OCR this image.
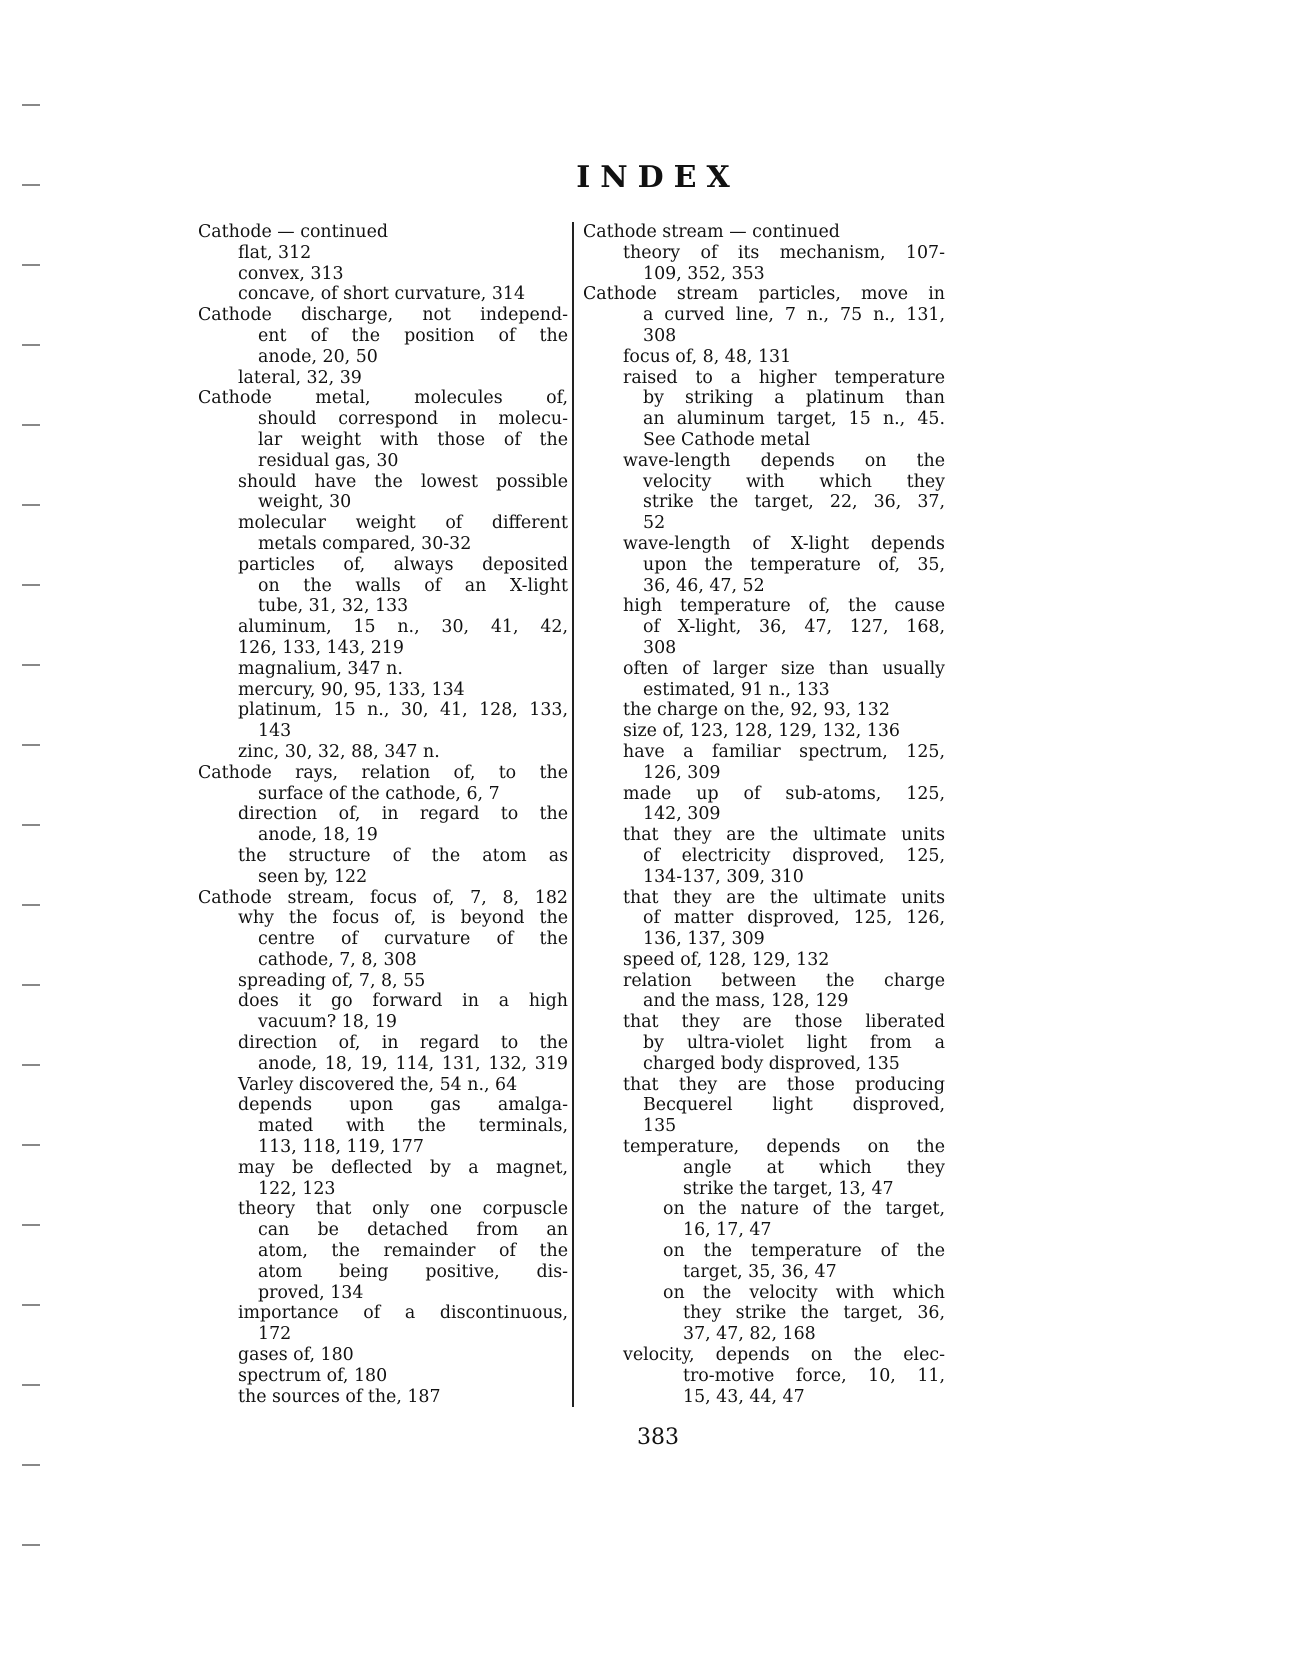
INDEX
Cathode — continued
flat, 312
convex, 313
concave, of short curvature, 314
Cathode discharge, not independ-
ent of the position of the
anode, 20, 50
lateral, 32, 39
Cathode metal, molecules of,
should correspond in molecu-
lar weight with those of the
residual gas, 30
should have the lowest possible
weight, 30
molecular weight of different
metals compared, 30-32
particles of, always deposited
on the walls of an X-light
tube, 31, 32, 133
aluminum, 15 n., 30, 41, 42,
126, 133, 143, 219
magnalium, 347 n.
mercury, 90, 95, 133, 134
platinum, 15 n., 30, 41, 128, 133,
143
zinc, 30, 32, 88, 347 n.
Cathode rays, relation of, to the
surface of the cathode, 6, 7
direction of, in regard to the
anode, 18, 19
the structure of the atom as
seen by, 122
Cathode stream, focus of, 7, 8, 182
why the focus of, is beyond the
centre of curvature of the
cathode, 7, 8, 308
spreading of, 7, 8, 55
does it go forward in a high
vacuum? 18, 19
direction of, in regard to the
anode, 18, 19, 114, 131, 132, 319
Varley discovered the, 54 n., 64
depends upon gas amalga-
mated with the terminals,
113, 118, 119, 177
may be deflected by a magnet,
122, 123
theory that only one corpuscle
can be detached from an
atom, the remainder of the
atom being positive, dis-
proved, 134
importance of a discontinuous,
172
gases of, 180
spectrum of, 180
the sources of the, 187
Cathode stream — continued
theory of its mechanism, 107-
109, 352, 353
Cathode stream particles, move in
a curved line, 7 n., 75 n., 131,
308
focus of, 8, 48, 131
raised to a higher temperature
by striking a platinum than
an aluminum target, 15 n., 45.
See Cathode metal
wave-length depends on the
velocity with which they
strike the target, 22, 36, 37,
52
wave-length of X-light depends
upon the temperature of, 35,
36, 46, 47, 52
high temperature of, the cause
of X-light, 36, 47, 127, 168,
308
often of larger size than usually
estimated, 91 n., 133
the charge on the, 92, 93, 132
size of, 123, 128, 129, 132, 136
have a familiar spectrum, 125,
126, 309
made up of sub-atoms, 125,
142, 309
that they are the ultimate units
of electricity disproved, 125,
134-137, 309, 310
that they are the ultimate units
of matter disproved, 125, 126,
136, 137, 309
speed of, 128, 129, 132
relation between the charge
and the mass, 128, 129
that they are those liberated
by ultra-violet light from a
charged body disproved, 135
that they are those producing
Becquerel light disproved,
135
temperature, depends on the
angle at which they
strike the target, 13, 47
on the nature of the target,
16, 17, 47
on the temperature of the
target, 35, 36, 47
on the velocity with which
they strike the target, 36,
37, 47, 82, 168
velocity, depends on the elec-
tro-motive force, 10, 11,
15, 43, 44, 47
383
